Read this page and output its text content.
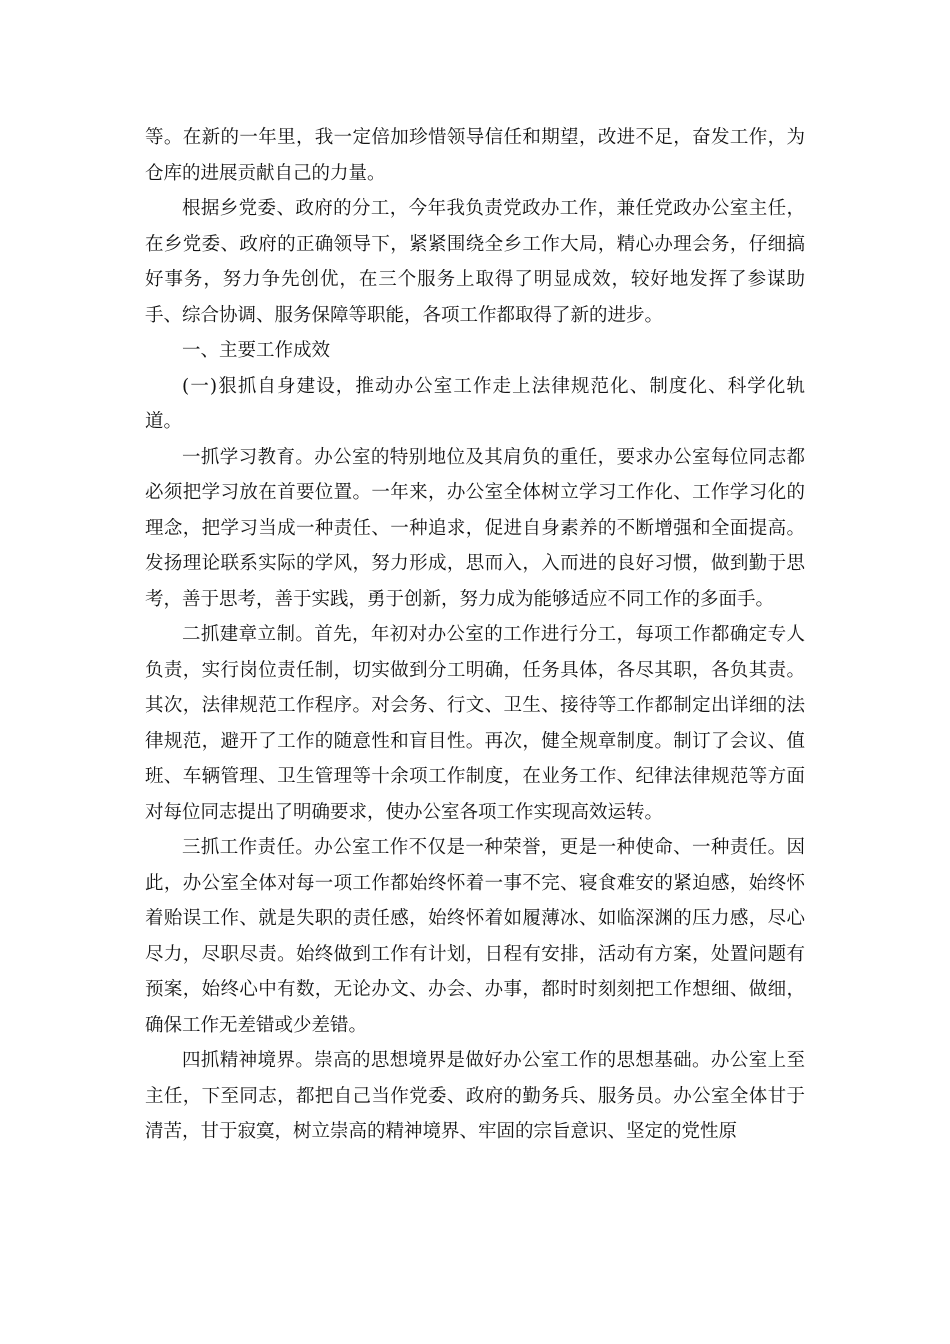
等。在新的一年里，我一定倍加珍惜领导信任和期望，改进不足，奋发工作，为仓库的进展贡献自己的力量。

根据乡党委、政府的分工，今年我负责党政办工作，兼任党政办公室主任，在乡党委、政府的正确领导下，紧紧围绕全乡工作大局，精心办理会务，仔细搞好事务，努力争先创优，在三个服务上取得了明显成效，较好地发挥了参谋助手、综合协调、服务保障等职能，各项工作都取得了新的进步。

一、主要工作成效

(一)狠抓自身建设，推动办公室工作走上法律规范化、制度化、科学化轨道。

一抓学习教育。办公室的特别地位及其肩负的重任，要求办公室每位同志都必须把学习放在首要位置。一年来，办公室全体树立学习工作化、工作学习化的理念，把学习当成一种责任、一种追求，促进自身素养的不断增强和全面提高。发扬理论联系实际的学风，努力形成，思而入，入而进的良好习惯，做到勤于思考，善于思考，善于实践，勇于创新，努力成为能够适应不同工作的多面手。

二抓建章立制。首先，年初对办公室的工作进行分工，每项工作都确定专人负责，实行岗位责任制，切实做到分工明确，任务具体，各尽其职，各负其责。其次，法律规范工作程序。对会务、行文、卫生、接待等工作都制定出详细的法律规范，避开了工作的随意性和盲目性。再次，健全规章制度。制订了会议、值班、车辆管理、卫生管理等十余项工作制度，在业务工作、纪律法律规范等方面对每位同志提出了明确要求，使办公室各项工作实现高效运转。

三抓工作责任。办公室工作不仅是一种荣誉，更是一种使命、一种责任。因此，办公室全体对每一项工作都始终怀着一事不完、寝食难安的紧迫感，始终怀着贻误工作、就是失职的责任感，始终怀着如履薄冰、如临深渊的压力感，尽心尽力，尽职尽责。始终做到工作有计划，日程有安排，活动有方案，处置问题有预案，始终心中有数，无论办文、办会、办事，都时时刻刻把工作想细、做细，确保工作无差错或少差错。

四抓精神境界。崇高的思想境界是做好办公室工作的思想基础。办公室上至主任，下至同志，都把自己当作党委、政府的勤务兵、服务员。办公室全体甘于清苦，甘于寂寞，树立崇高的精神境界、牢固的宗旨意识、坚定的党性原
